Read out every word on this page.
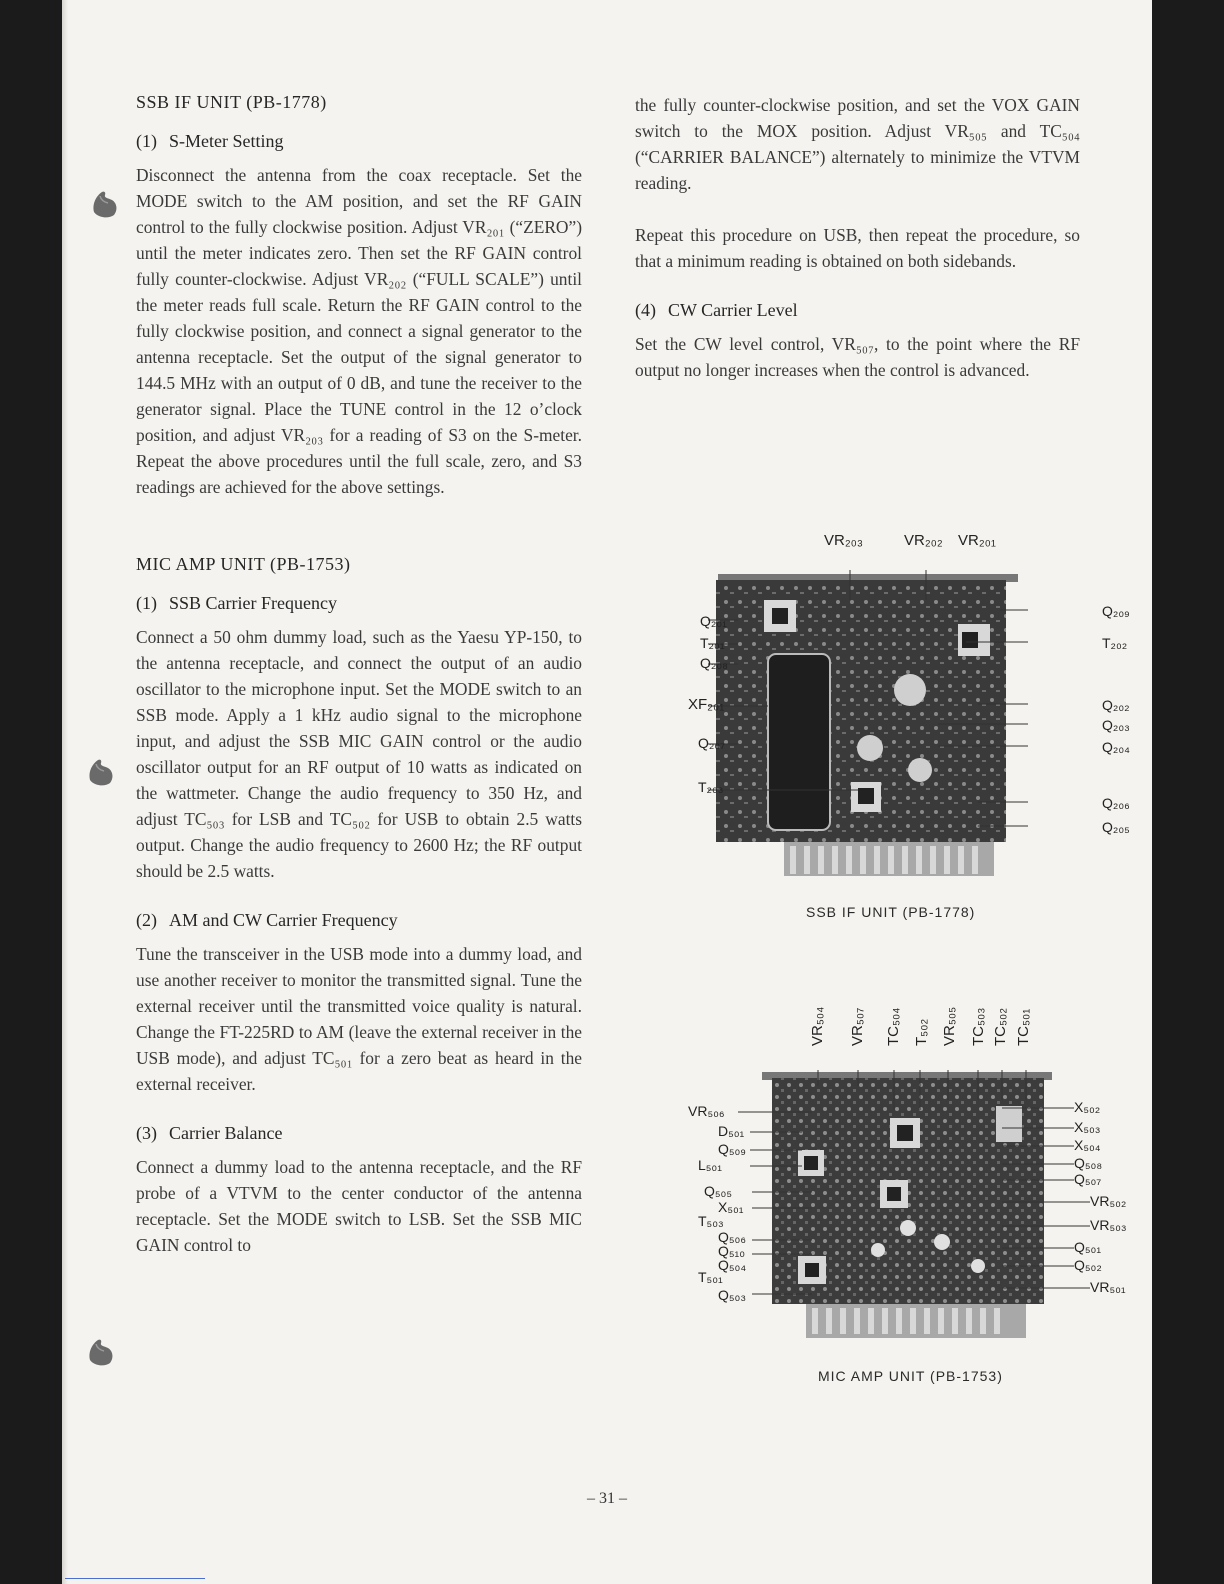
SSB IF UNIT (PB-1778)
(1) S-Meter Setting

Disconnect the antenna from the coax receptacle. Set the MODE switch to the AM position, and set the RF GAIN control to the fully clockwise position. Adjust VR₂₀₁ (“ZERO”) until the meter indicates zero. Then set the RF GAIN control fully counter-clockwise. Adjust VR₂₀₂ (“FULL SCALE”) until the meter reads full scale. Return the RF GAIN control to the fully clockwise position, and connect a signal generator to the antenna receptacle. Set the output of the signal generator to 144.5 MHz with an output of 0 dB, and tune the receiver to the generator signal. Place the TUNE control in the 12 o’clock position, and adjust VR₂₀₃ for a reading of S3 on the S-meter. Repeat the above procedures until the full scale, zero, and S3 readings are achieved for the above settings.

MIC AMP UNIT (PB-1753)
(1) SSB Carrier Frequency

Connect a 50 ohm dummy load, such as the Yaesu YP-150, to the antenna receptacle, and connect the output of an audio oscillator to the microphone input. Set the MODE switch to an SSB mode. Apply a 1 kHz audio signal to the microphone input, and adjust the SSB MIC GAIN control or the audio oscillator output for an RF output of 10 watts as indicated on the wattmeter. Change the audio frequency to 350 Hz, and adjust TC₅₀₃ for LSB and TC₅₀₂ for USB to obtain 2.5 watts output. Change the audio frequency to 2600 Hz; the RF output should be 2.5 watts.

(2) AM and CW Carrier Frequency

Tune the transceiver in the USB mode into a dummy load, and use another receiver to monitor the transmitted signal. Tune the external receiver until the transmitted voice quality is natural. Change the FT-225RD to AM (leave the external receiver in the USB mode), and adjust TC₅₀₁ for a zero beat as heard in the external receiver.

(3) Carrier Balance

Connect a dummy load to the antenna receptacle, and the RF probe of a VTVM to the center conductor of the antenna receptacle. Set the MODE switch to LSB. Set the SSB MIC GAIN control to

the fully counter-clockwise position, and set the VOX GAIN switch to the MOX position. Adjust VR₅₀₅ and TC₅₀₄ (“CARRIER BALANCE”) alternately to minimize the VTVM reading.

Repeat this procedure on USB, then repeat the procedure, so that a minimum reading is obtained on both sidebands.

(4) CW Carrier Level

Set the CW level control, VR₅₀₇, to the point where the RF output no longer increases when the control is advanced.

VR₂₀₃	VR₂₀₂ VR₂₀₁
Q₂₀₁
T₂₀₁
Q₂₀₈
XF₂₀₁
Q₂₀₇
T₂₀₃
Q₂₀₉
T₂₀₂
Q₂₀₂
Q₂₀₃
Q₂₀₄
Q₂₀₆
Q₂₀₅
SSB IF UNIT (PB-1778)
VR₅₀₄ VR₅₀₇ TC₅₀₄ T₅₀₂ VR₅₀₅ TC₅₀₃ TC₅₀₂ TC₅₀₁
VR₅₀₆
D₅₀₁
Q₅₀₉
L₅₀₁
Q₅₀₅
X₅₀₁
T₅₀₃
Q₅₀₆
Q₅₁₀
Q₅₀₄
T₅₀₁
Q₅₀₃
X₅₀₂
X₅₀₃
X₅₀₄
Q₅₀₈
Q₅₀₇
VR₅₀₂
VR₅₀₃
Q₅₀₁
Q₅₀₂
VR₅₀₁
MIC AMP UNIT (PB-1753)
– 31 –
